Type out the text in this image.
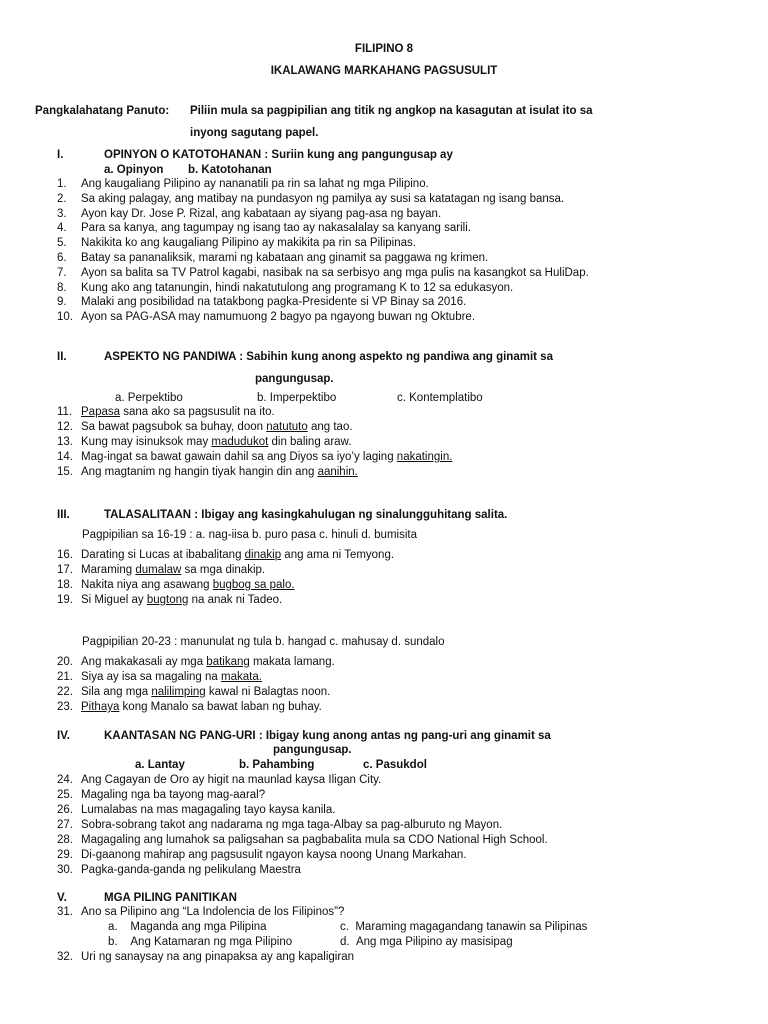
FILIPINO 8
IKALAWANG MARKAHANG PAGSUSULIT
Pangkalahatang Panuto: Piliin mula sa pagpipilian ang titik ng angkop na kasagutan at isulat ito sa
inyong sagutang papel.
I.	OPINYON O KATOTOHANAN : Suriin kung ang pangungusap ay
a. Opinyon b. Katotohanan
1. Ang kaugaliang Pilipino ay nananatili pa rin sa lahat ng mga Pilipino.
2. Sa aking palagay, ang matibay na pundasyon ng pamilya ay susi sa katatagan ng isang bansa.
3. Ayon kay Dr. Jose P. Rizal, ang kabataan ay siyang pag-asa ng bayan.
4. Para sa kanya, ang tagumpay ng isang tao ay nakasalalay sa kanyang sarili.
5. Nakikita ko ang kaugaliang Pilipino ay makikita pa rin sa Pilipinas.
6. Batay sa pananaliksik, marami ng kabataan ang ginamit sa paggawa ng krimen.
7. Ayon sa balita sa TV Patrol kagabi, nasibak na sa serbisyo ang mga pulis na kasangkot sa HuliDap.
8. Kung ako ang tatanungin, hindi nakatutulong ang programang K to 12 sa edukasyon.
9. Malaki ang posibilidad na tatakbong pagka-Presidente si VP Binay sa 2016.
10. Ayon sa PAG-ASA may namumuong 2 bagyo pa ngayong buwan ng Oktubre.
II.	ASPEKTO NG PANDIWA : Sabihin kung anong aspekto ng pandiwa ang ginamit sa
pangungusap.
a. Perpektibo	b. Imperpektibo	c. Kontemplatibo
11. Papasa sana ako sa pagsusulit na ito.
12. Sa bawat pagsubok sa buhay, doon natututo ang tao.
13. Kung may isinuksok may madudukot din baling araw.
14. Mag-ingat sa bawat gawain dahil sa ang Diyos sa iyo’y laging nakatingin.
15. Ang magtanim ng hangin tiyak hangin din ang aanihin.
III.	TALASALITAAN : Ibigay ang kasingkahulugan ng sinalungguhitang salita.
Pagpipilian sa 16-19 : a. nag-iisa b. puro pasa c. hinuli d. bumisita
16. Darating si Lucas at ibabalitang dinakip ang ama ni Temyong.
17. Maraming dumalaw sa mga dinakip.
18. Nakita niya ang asawang bugbog sa palo.
19. Si Miguel ay bugtong na anak ni Tadeo.
Pagpipilian 20-23 : manunulat ng tula b. hangad c. mahusay d. sundalo
20. Ang makakasali ay mga batikang makata lamang.
21. Siya ay isa sa magaling na makata.
22. Sila ang mga nalilimping kawal ni Balagtas noon.
23. Pithaya kong Manalo sa bawat laban ng buhay.
IV.	KAANTASAN NG PANG-URI : Ibigay kung anong antas ng pang-uri ang ginamit sa
pangungusap.
a. Lantay	b. Pahambing	c. Pasukdol
24. Ang Cagayan de Oro ay higit na maunlad kaysa Iligan City.
25. Magaling nga ba tayong mag-aaral?
26. Lumalabas na mas magagaling tayo kaysa kanila.
27. Sobra-sobrang takot ang nadarama ng mga taga-Albay sa pag-alburuto ng Mayon.
28. Magagaling ang lumahok sa paligsahan sa pagbabalita mula sa CDO National High School.
29. Di-gaanong mahirap ang pagsusulit ngayon kaysa noong Unang Markahan.
30. Pagka-ganda-ganda ng pelikulang Maestra
V.	MGA PILING PANITIKAN
31. Ano sa Pilipino ang “La Indolencia de los Filipinos”?
a. Maganda ang mga Pilipina	c. Maraming magagandang tanawin sa Pilipinas
b. Ang Katamaran ng mga Pilipino	d. Ang mga Pilipino ay masisipag
32. Uri ng sanaysay na ang pinapaksa ay ang kapaligiran
